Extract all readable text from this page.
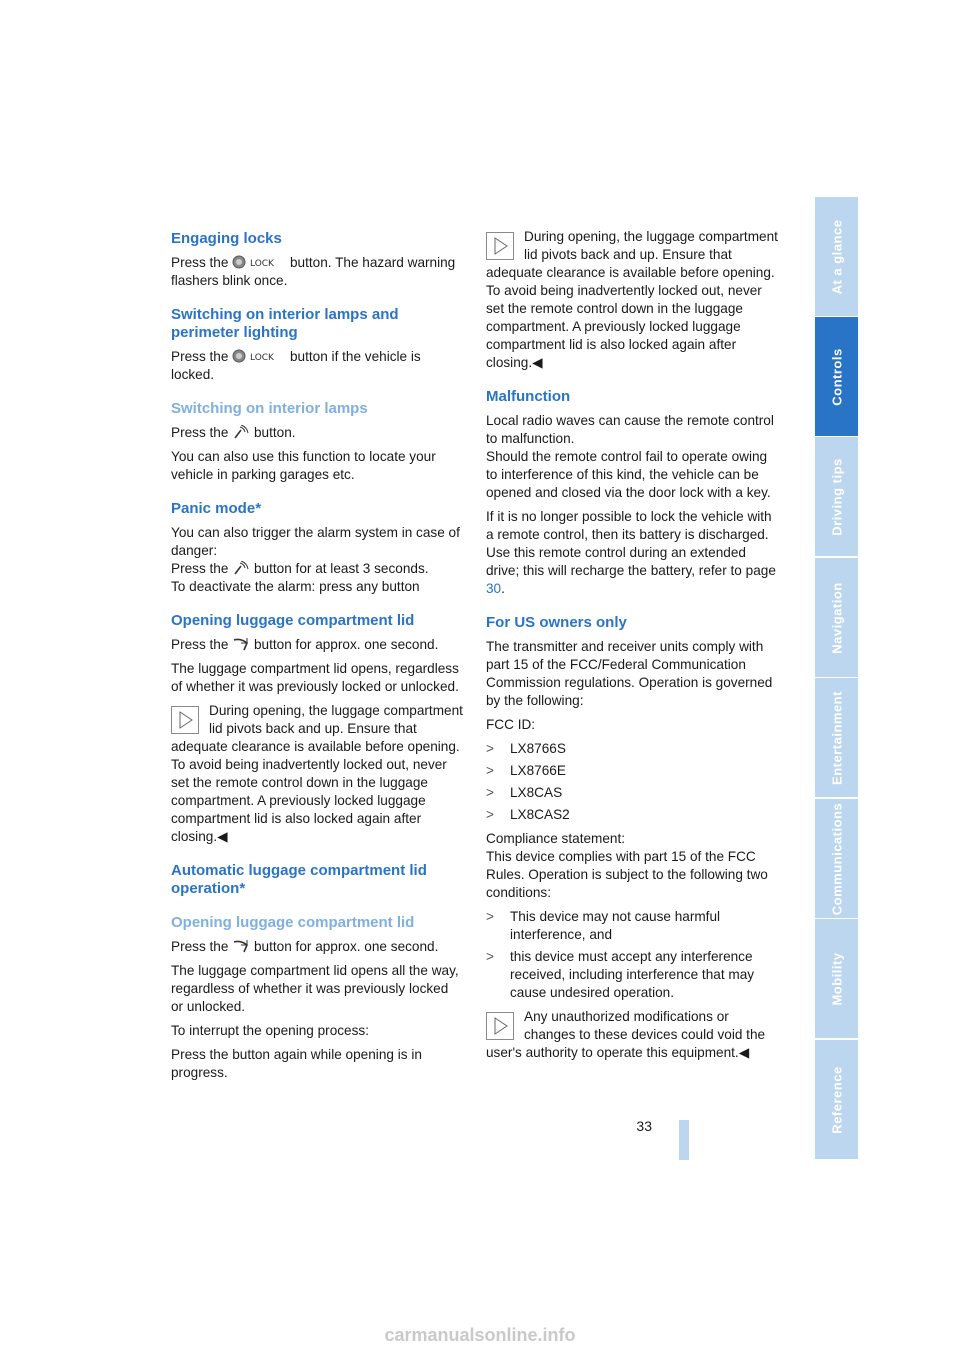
Engaging locks

Press the LOCK button. The hazard warning flashers blink once.

Switching on interior lamps and perimeter lighting

Press the LOCK button if the vehicle is locked.

Switching on interior lamps

Press the  button.

You can also use this function to locate your vehicle in parking garages etc.

Panic mode*

You can also trigger the alarm system in case of danger:

Press the  button for at least 3 seconds.

To deactivate the alarm: press any button

Opening luggage compartment lid

Press the  button for approx. one second.

The luggage compartment lid opens, regardless of whether it was previously locked or unlocked.

During opening, the luggage compartment lid pivots back and up. Ensure that adequate clearance is available before opening. To avoid being inadvertently locked out, never set the remote control down in the luggage compartment. A previously locked luggage compartment lid is also locked again after closing.◀

Automatic luggage compartment lid operation*
Opening luggage compartment lid

Press the  button for approx. one second.

The luggage compartment lid opens all the way, regardless of whether it was previously locked or unlocked.

To interrupt the opening process:

Press the button again while opening is in progress.

During opening, the luggage compartment lid pivots back and up. Ensure that adequate clearance is available before opening. To avoid being inadvertently locked out, never set the remote control down in the luggage compartment. A previously locked luggage compartment lid is also locked again after closing.◀

Malfunction

Local radio waves can cause the remote control to malfunction.

Should the remote control fail to operate owing to interference of this kind, the vehicle can be opened and closed via the door lock with a key.

If it is no longer possible to lock the vehicle with a remote control, then its battery is discharged. Use this remote control during an extended drive; this will recharge the battery, refer to page 30.

For US owners only

The transmitter and receiver units comply with part 15 of the FCC/Federal Communication Commission regulations. Operation is governed by the following:

FCC ID:

> LX8766S
> LX8766E
> LX8CAS
> LX8CAS2

Compliance statement:

This device complies with part 15 of the FCC Rules. Operation is subject to the following two conditions:

> This device may not cause harmful interference, and
> this device must accept any interference received, including interference that may cause undesired operation.

Any unauthorized modifications or changes to these devices could void the user's authority to operate this equipment.◀

At a glance
Controls
Driving tips
Navigation
Entertainment
Communications
Mobility
Reference
33
carmanualsonline.info
